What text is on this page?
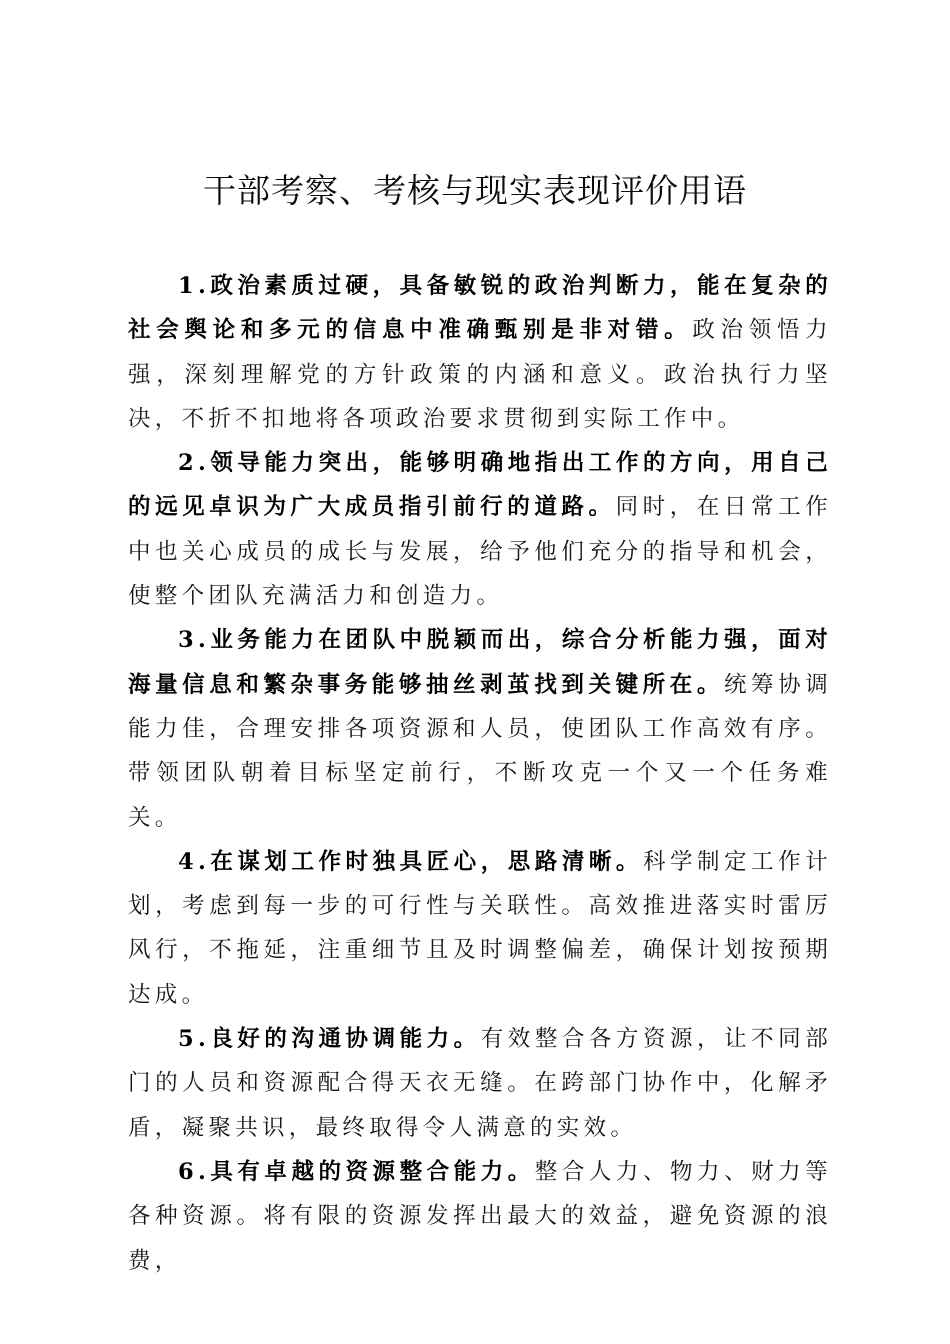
干部考察、考核与现实表现评价用语

1.政治素质过硬，具备敏锐的政治判断力，能在复杂的社会舆论和多元的信息中准确甄别是非对错。政治领悟力强，深刻理解党的方针政策的内涵和意义。政治执行力坚决，不折不扣地将各项政治要求贯彻到实际工作中。

2.领导能力突出，能够明确地指出工作的方向，用自己的远见卓识为广大成员指引前行的道路。同时，在日常工作中也关心成员的成长与发展，给予他们充分的指导和机会，使整个团队充满活力和创造力。

3.业务能力在团队中脱颖而出，综合分析能力强，面对海量信息和繁杂事务能够抽丝剥茧找到关键所在。统筹协调能力佳，合理安排各项资源和人员，使团队工作高效有序。带领团队朝着目标坚定前行，不断攻克一个又一个任务难关。

4.在谋划工作时独具匠心，思路清晰。科学制定工作计划，考虑到每一步的可行性与关联性。高效推进落实时雷厉风行，不拖延，注重细节且及时调整偏差，确保计划按预期达成。

5.良好的沟通协调能力。有效整合各方资源，让不同部门的人员和资源配合得天衣无缝。在跨部门协作中，化解矛盾，凝聚共识，最终取得令人满意的实效。

6.具有卓越的资源整合能力。整合人力、物力、财力等各种资源。将有限的资源发挥出最大的效益，避免资源的浪费，
